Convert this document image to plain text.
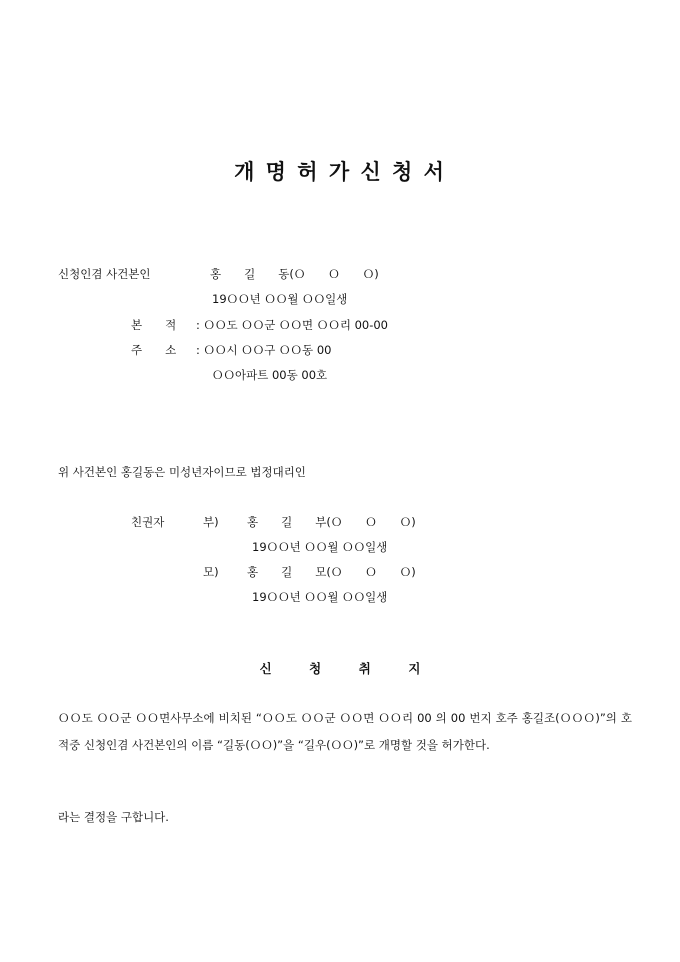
개 명 허 가 신 청 서
신청인겸 사건본인	홍　　길　　동(Ｏ　　Ｏ　　Ｏ)
19ＯＯ년 ＯＯ월 ＯＯ일생
본　　적 : ＯＯ도 ＯＯ군 ＯＯ면 ＯＯ리 00-00
주　　소 : ＯＯ시 ＯＯ구 ＯＯ동 00
ＯＯ아파트 00동 00호
위 사건본인 홍길동은 미성년자이므로 법정대리인
친권자	부) 홍　　길　　부(Ｏ　　Ｏ　　Ｏ)
19ＯＯ년 ＯＯ월 ＯＯ일생
모) 홍　　길　　모(Ｏ　　Ｏ　　Ｏ)
19ＯＯ년 ＯＯ월 ＯＯ일생
신　　　청　　　취　　　지
ＯＯ도 ＯＯ군 ＯＯ면사무소에 비치된 “ＯＯ도 ＯＯ군 ＯＯ면 ＯＯ리 00 의 00 번지 호주 홍길조(ＯＯＯ)”의 호적중 신청인겸 사건본인의 이름 “길동(ＯＯ)”을 “길우(ＯＯ)”로 개명할 것을 허가한다.
라는 결정을 구합니다.
